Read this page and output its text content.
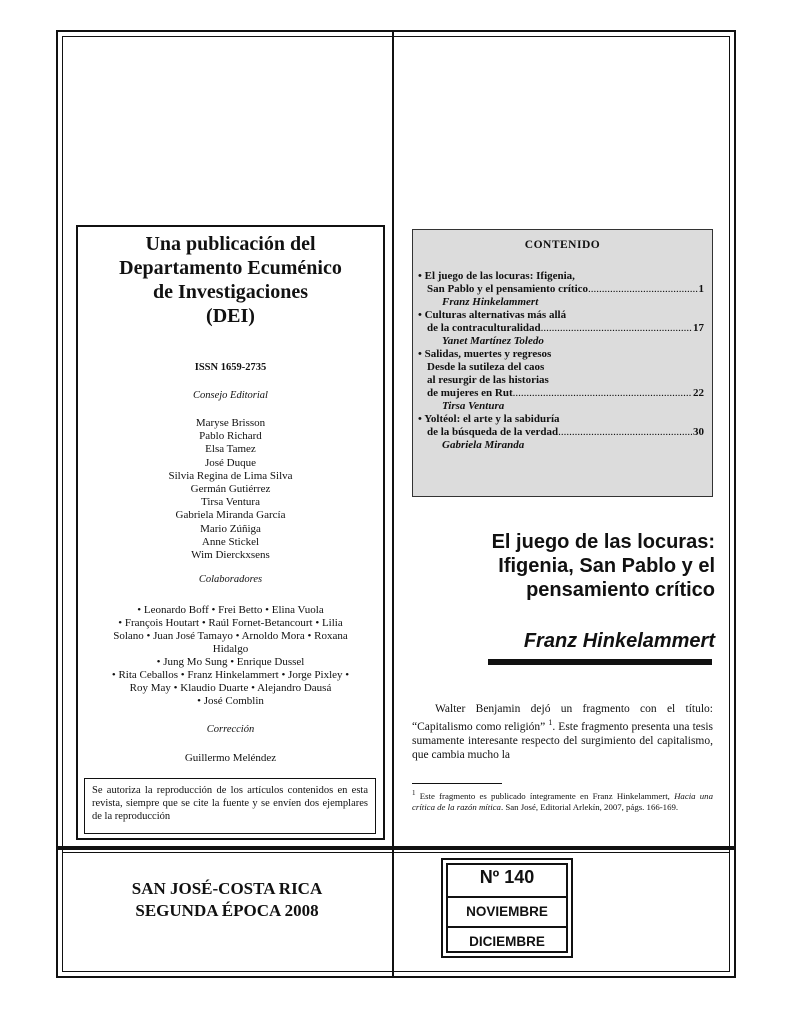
Una publicación del
Departamento Ecuménico
de Investigaciones
(DEI)
ISSN 1659-2735
Consejo Editorial
Maryse Brisson
Pablo Richard
Elsa Tamez
José Duque
Silvia Regina de Lima Silva
Germán Gutiérrez
Tirsa Ventura
Gabriela Miranda García
Mario Zúñiga
Anne Stickel
Wim Dierckxsens
Colaboradores
• Leonardo Boff • Frei Betto • Elina Vuola
• François Houtart • Raúl Fornet-Betancourt • Lilia
Solano • Juan José Tamayo • Arnoldo Mora • Roxana
Hidalgo
• Jung Mo Sung • Enrique Dussel
• Rita Ceballos • Franz Hinkelammert • Jorge Pixley •
Roy May • Klaudio Duarte • Alejandro Dausá
• José Comblin
Corrección
Guillermo Meléndez
Se autoriza la reproducción de los artículos contenidos en esta revista, siempre que se cite la fuente y se envíen dos ejemplares de la reproducción
CONTENIDO
• El juego de las locuras: Ifigenia,
San Pablo y el pensamiento crítico .....	1
Franz Hinkelammert
• Culturas alternativas más allá
de la contraculturalidad .....	17
Yanet Martínez Toledo
• Salidas, muertes y regresos
Desde la sutileza del caos
al resurgir de las historias
de mujeres en Rut .....	22
Tirsa Ventura
• Yoltéol: el arte y la sabiduría
de la búsqueda de la verdad .....	30
Gabriela Miranda
El juego de las locuras:
Ifigenia, San Pablo y el
pensamiento crítico
Franz Hinkelammert
  Walter Benjamin dejó un fragmento con el título: “Capitalismo como religión” $^1$. Este fragmento presenta una tesis sumamente interesante respecto del surgimiento del capitalismo, que cambia mucho la
$^1$ Este fragmento es publicado íntegramente en Franz Hinkelammert, Hacia una crítica de la razón mítica. San José, Editorial Arlekín, 2007, págs. 166-169.
SAN JOSÉ-COSTA RICA
SEGUNDA ÉPOCA 2008
Nº 140
NOVIEMBRE
DICIEMBRE
